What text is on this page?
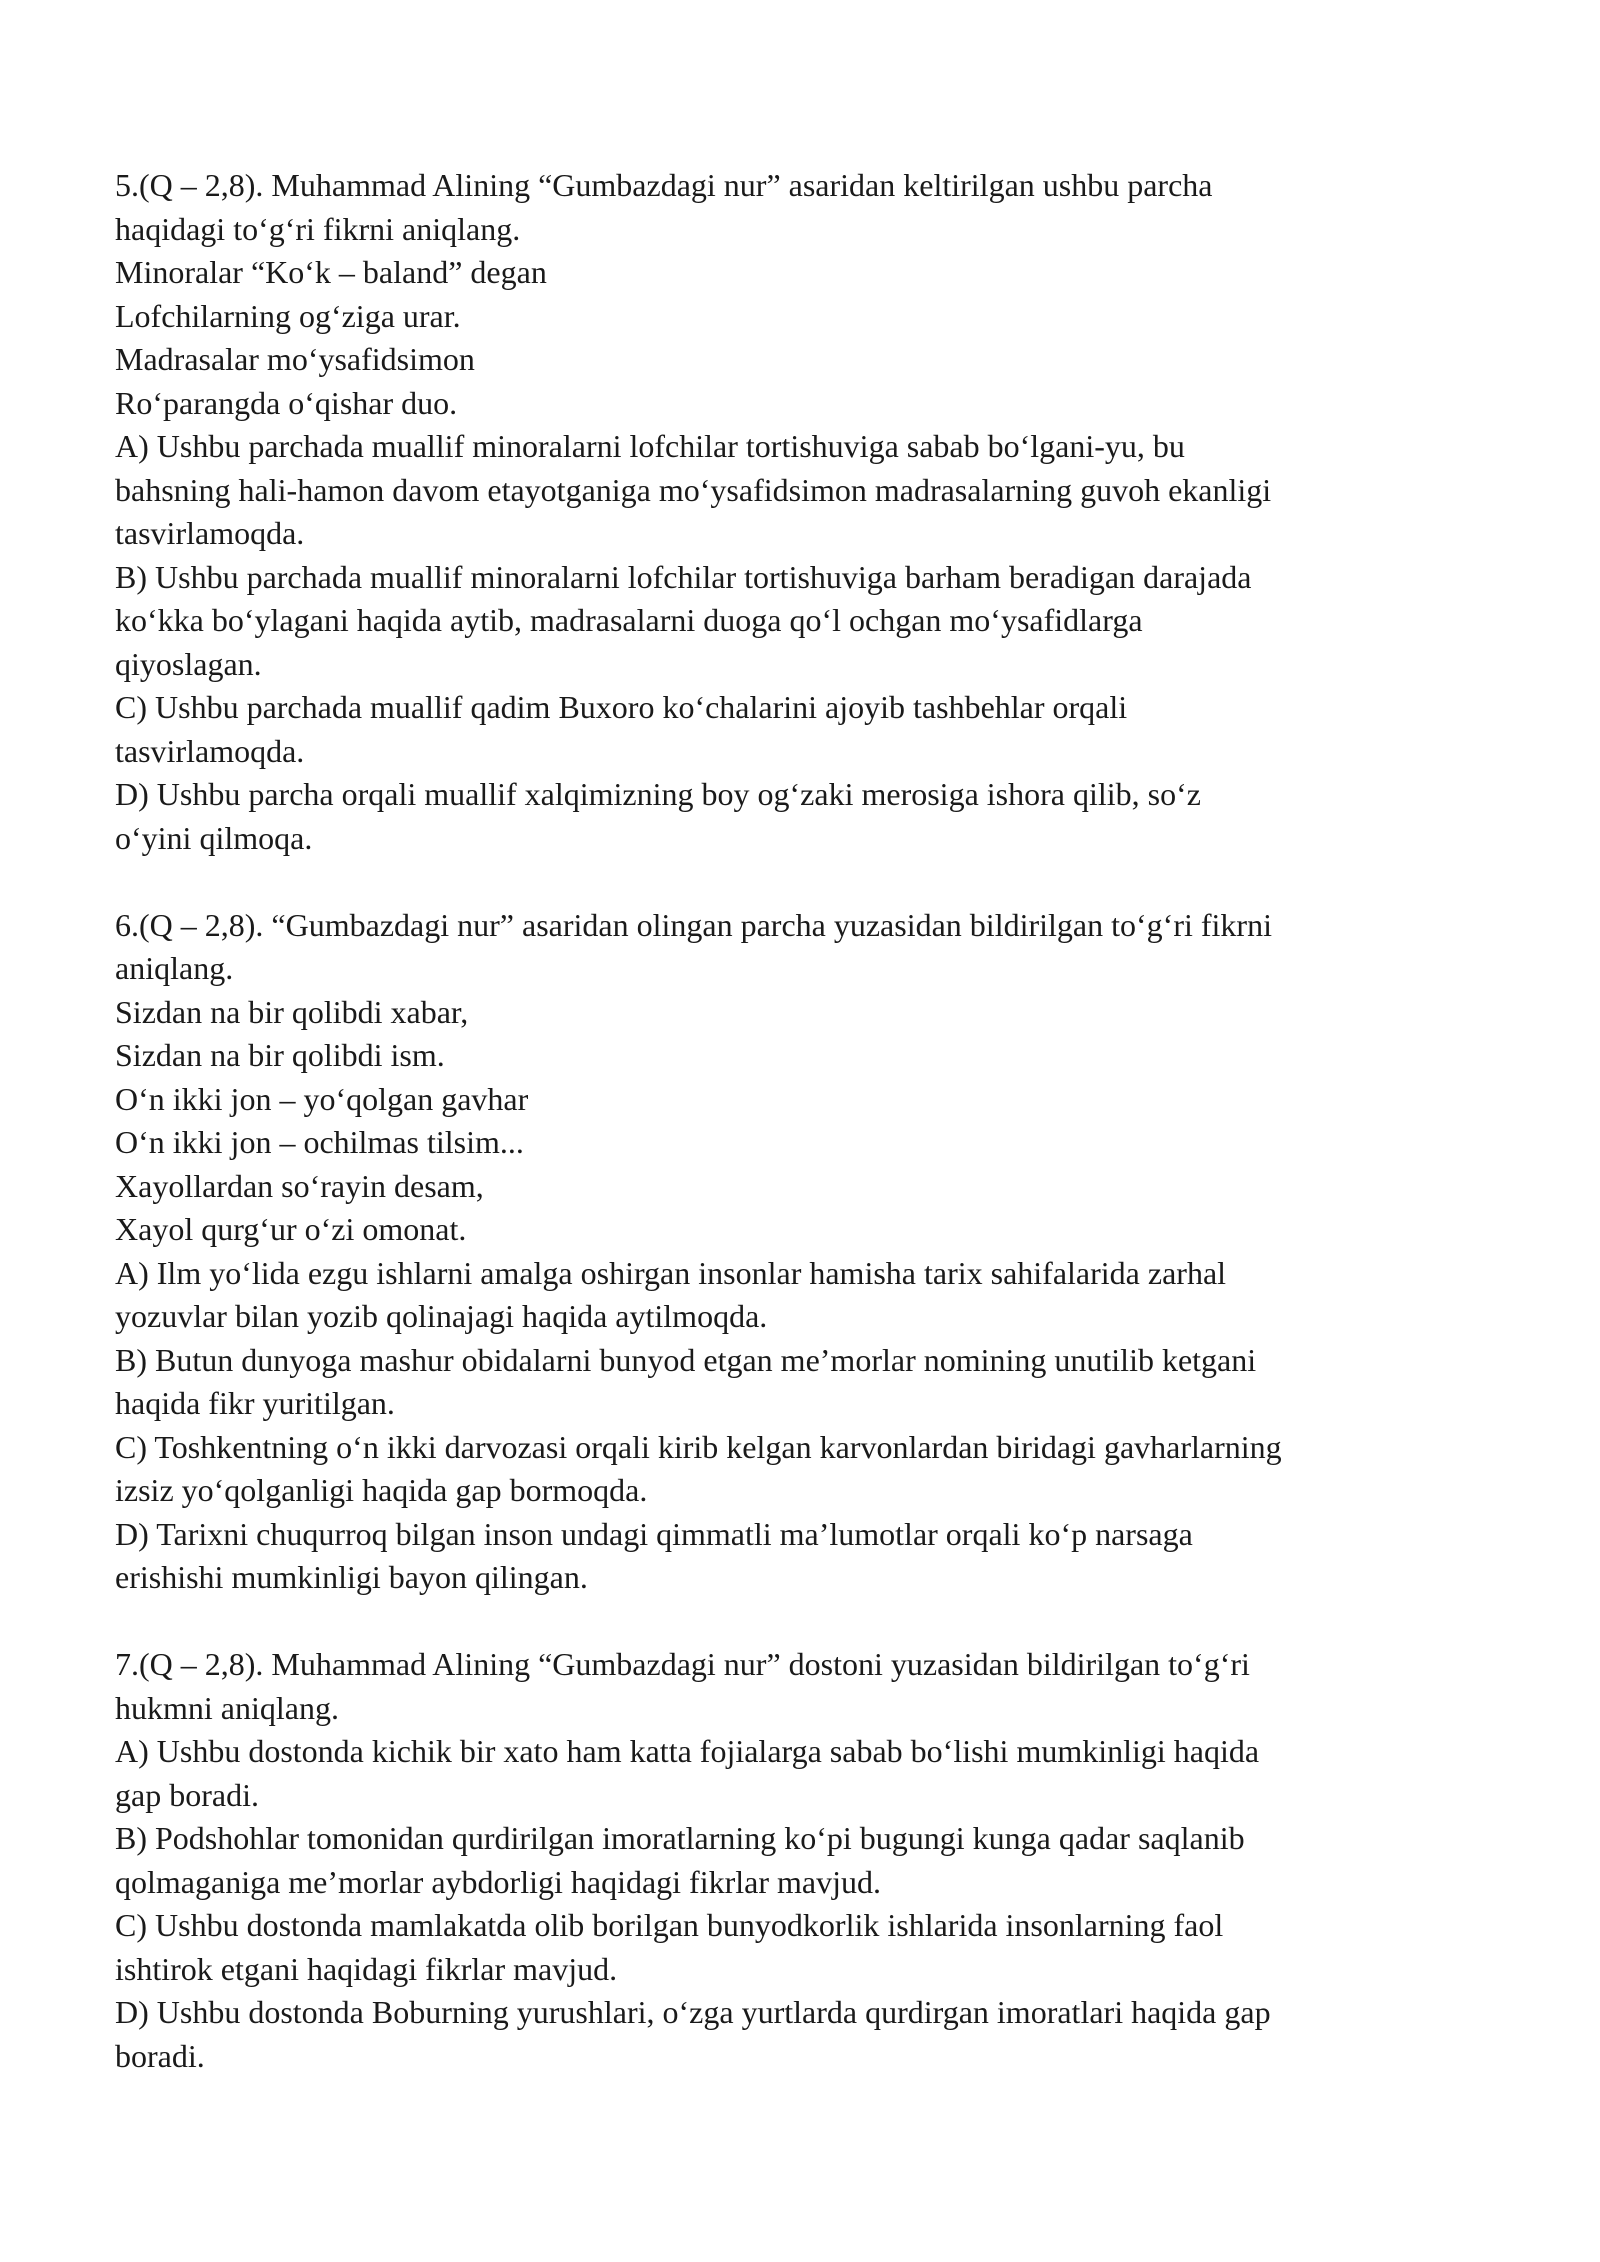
5.(Q – 2,8). Muhammad Alining “Gumbazdagi nur” asaridan keltirilgan ushbu parcha
haqidagi to‘g‘ri fikrni aniqlang.
Minoralar “Ko‘k – baland” degan
Lofchilarning og‘ziga urar.
Madrasalar mo‘ysafidsimon
Ro‘parangda o‘qishar duo.
A) Ushbu parchada muallif minoralarni lofchilar tortishuviga sabab bo‘lgani-yu, bu
bahsning hali-hamon davom etayotganiga mo‘ysafidsimon madrasalarning guvoh ekanligi
tasvirlamoqda.
B) Ushbu parchada muallif minoralarni lofchilar tortishuviga barham beradigan darajada
ko‘kka bo‘ylagani haqida aytib, madrasalarni duoga qo‘l ochgan mo‘ysafidlarga
qiyoslagan.
C) Ushbu parchada muallif qadim Buxoro ko‘chalarini ajoyib tashbehlar orqali
tasvirlamoqda.
D) Ushbu parcha orqali muallif xalqimizning boy og‘zaki merosiga ishora qilib, so‘z
o‘yini qilmoqa.
6.(Q – 2,8). “Gumbazdagi nur” asaridan olingan parcha yuzasidan bildirilgan to‘g‘ri fikrni
aniqlang.
Sizdan na bir qolibdi xabar,
Sizdan na bir qolibdi ism.
O‘n ikki jon – yo‘qolgan gavhar
O‘n ikki jon – ochilmas tilsim...
Xayollardan so‘rayin desam,
Xayol qurg‘ur o‘zi omonat.
A) Ilm yo‘lida ezgu ishlarni amalga oshirgan insonlar hamisha tarix sahifalarida zarhal
yozuvlar bilan yozib qolinajagi haqida aytilmoqda.
B) Butun dunyoga mashur obidalarni bunyod etgan me’morlar nomining unutilib ketgani
haqida fikr yuritilgan.
C) Toshkentning o‘n ikki darvozasi orqali kirib kelgan karvonlardan biridagi gavharlarning
izsiz yo‘qolganligi haqida gap bormoqda.
D) Tarixni chuqurroq bilgan inson undagi qimmatli ma’lumotlar orqali ko‘p narsaga
erishishi mumkinligi bayon qilingan.
7.(Q – 2,8). Muhammad Alining “Gumbazdagi nur” dostoni yuzasidan bildirilgan to‘g‘ri
hukmni aniqlang.
A) Ushbu dostonda kichik bir xato ham katta fojialarga sabab bo‘lishi mumkinligi haqida
gap boradi.
B) Podshohlar tomonidan qurdirilgan imoratlarning ko‘pi bugungi kunga qadar saqlanib
qolmaganiga me’morlar aybdorligi haqidagi fikrlar mavjud.
C) Ushbu dostonda mamlakatda olib borilgan bunyodkorlik ishlarida insonlarning faol
ishtirok etgani haqidagi fikrlar mavjud.
D) Ushbu dostonda Boburning yurushlari, o‘zga yurtlarda qurdirgan imoratlari haqida gap
boradi.
